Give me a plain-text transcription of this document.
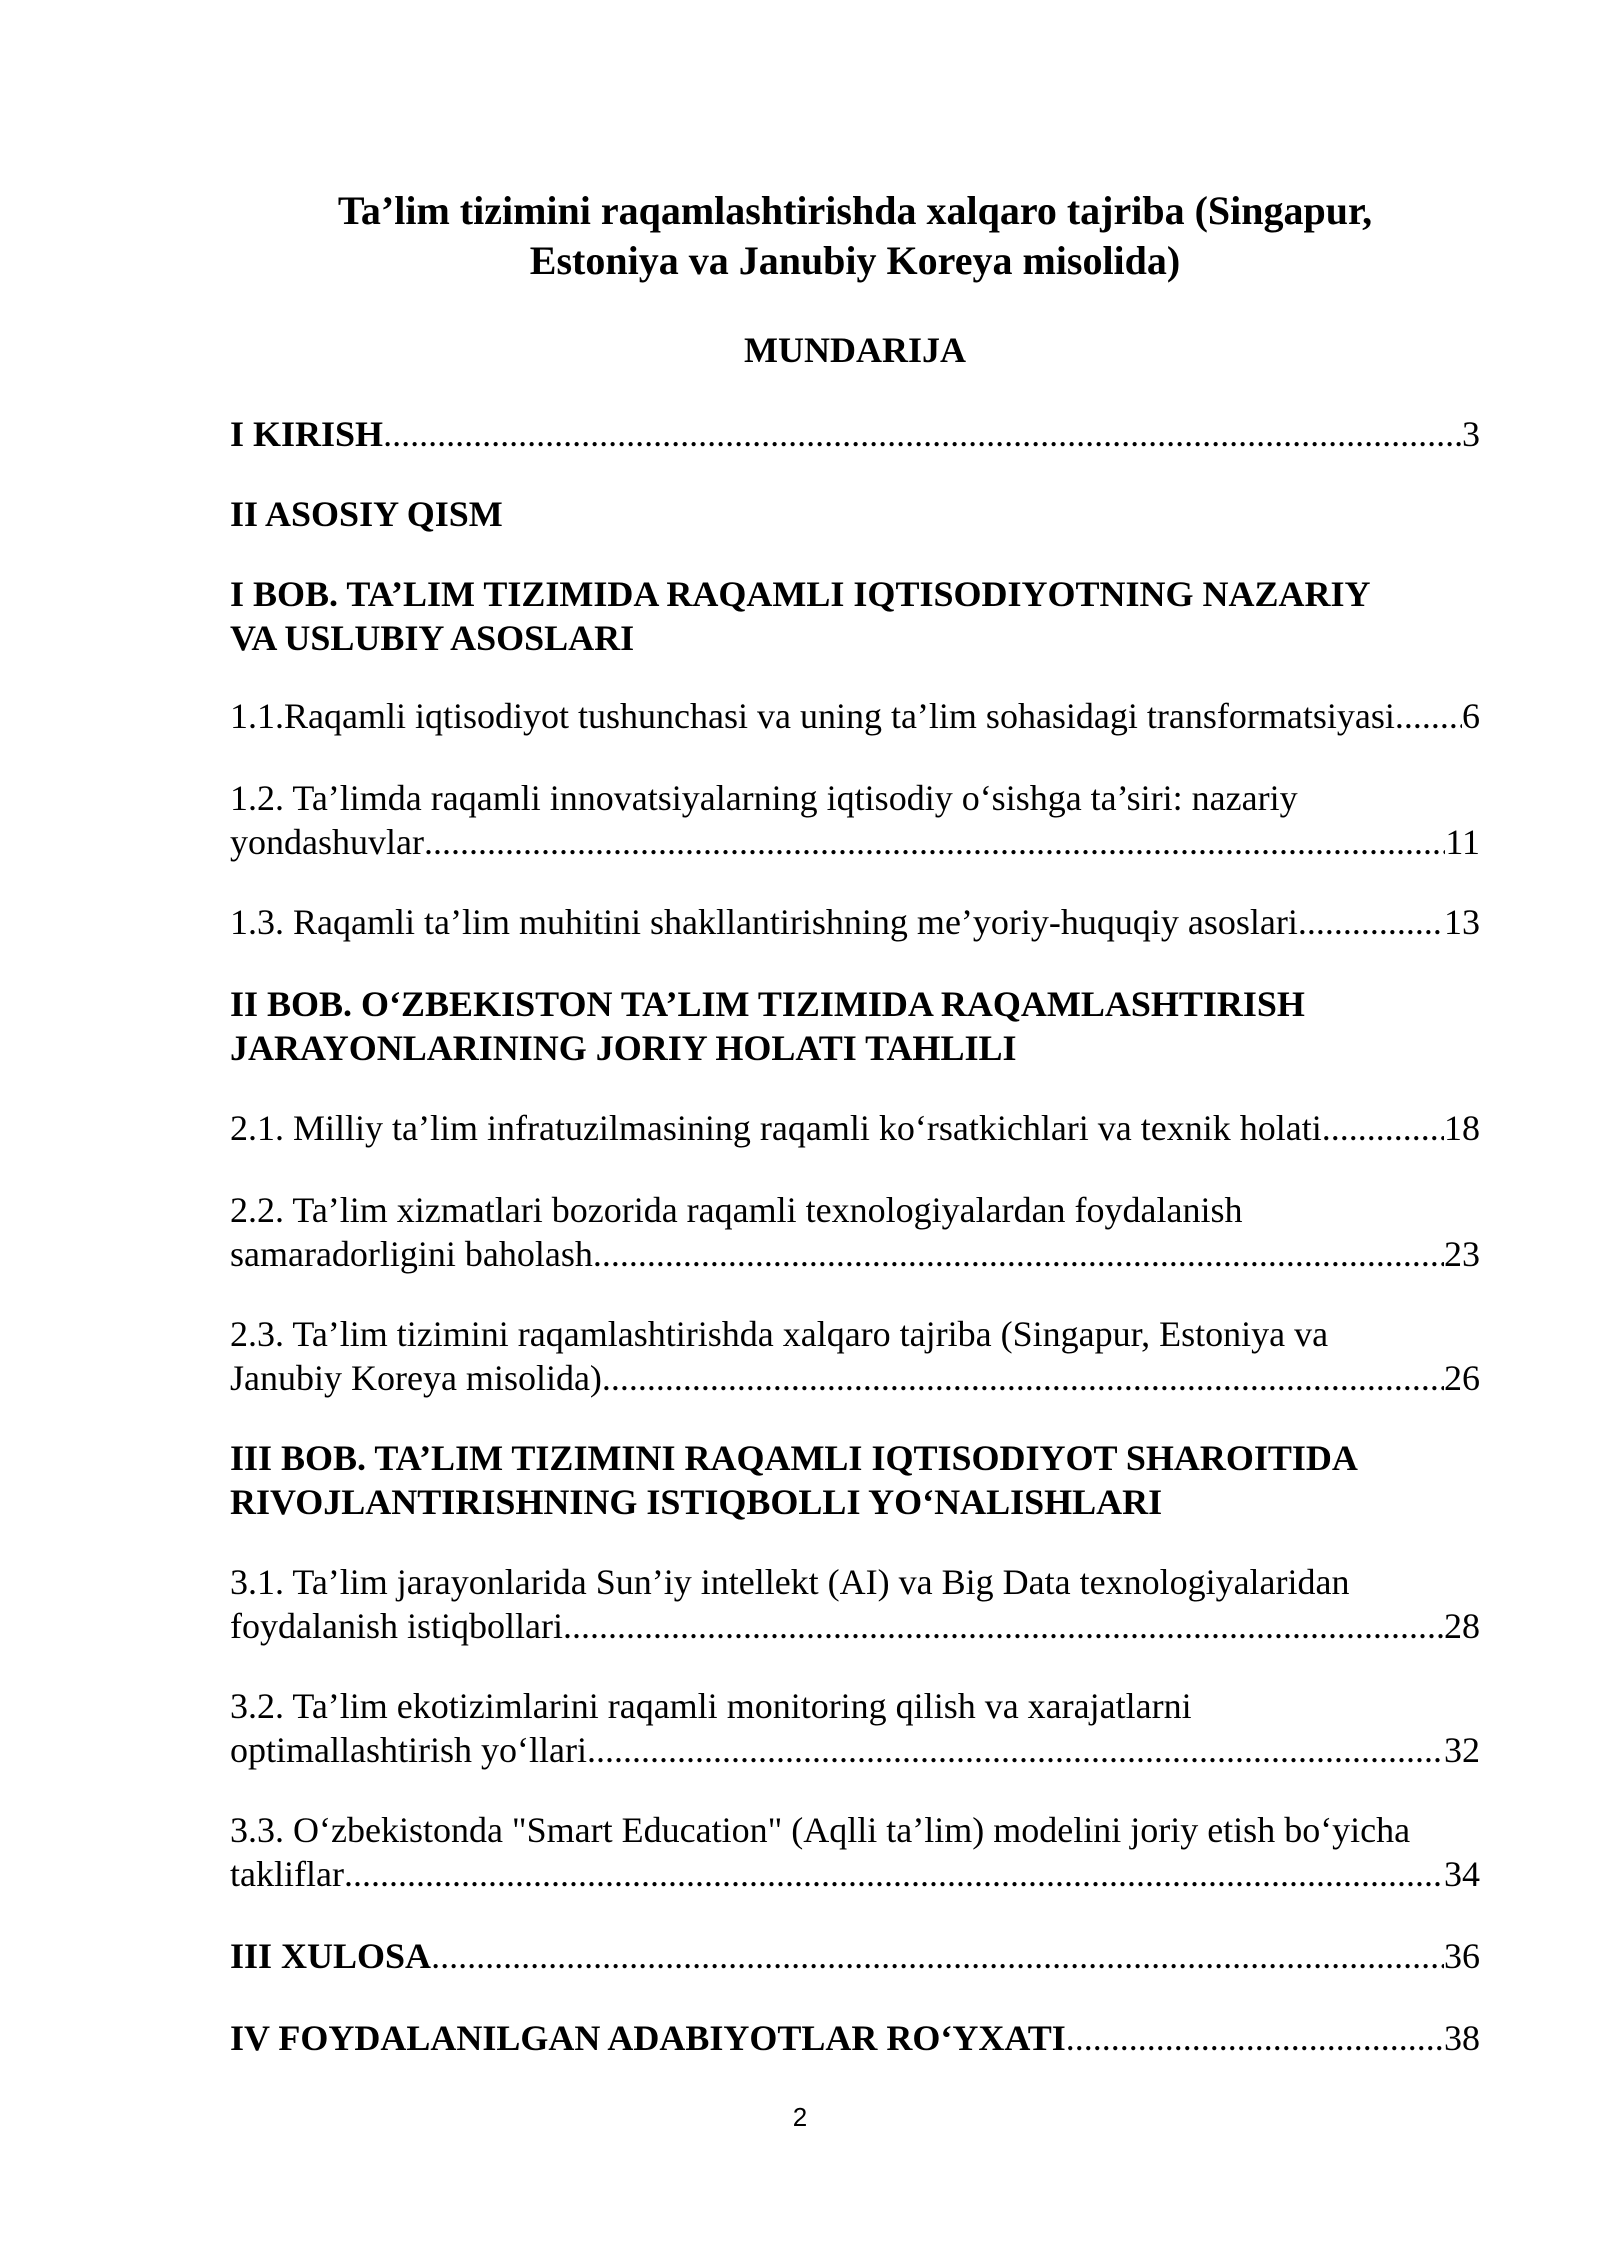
Ta’lim tizimini raqamlashtirishda xalqaro tajriba (Singapur,
Estoniya va Janubiy Koreya misolida)
MUNDARIJA
I KIRISH .....	3
II ASOSIY QISM
I BOB. TA’LIM TIZIMIDA RAQAMLI IQTISODIYOTNING NAZARIY
VA USLUBIY ASOSLARI
1.1.Raqamli iqtisodiyot tushunchasi va uning ta’lim sohasidagi transformatsiyasi ..... 6
1.2. Ta’limda raqamli innovatsiyalarning iqtisodiy o‘sishga ta’siri: nazariy
yondashuvlar .....	11
1.3. Raqamli ta’lim muhitini shakllantirishning me’yoriy-huquqiy asoslari .....	13
II BOB. O‘ZBEKISTON TA’LIM TIZIMIDA RAQAMLASHTIRISH
JARAYONLARINING JORIY HOLATI TAHLILI
2.1. Milliy ta’lim infratuzilmasining raqamli ko‘rsatkichlari va texnik holati .....	18
2.2. Ta’lim xizmatlari bozorida raqamli texnologiyalardan foydalanish
samaradorligini baholash .....	23
2.3. Ta’lim tizimini raqamlashtirishda xalqaro tajriba (Singapur, Estoniya va
Janubiy Koreya misolida) .....	26
III BOB. TA’LIM TIZIMINI RAQAMLI IQTISODIYOT SHAROITIDA
RIVOJLANTIRISHNING ISTIQBOLLI YO‘NALISHLARI
3.1. Ta’lim jarayonlarida Sun’iy intellekt (AI) va Big Data texnologiyalaridan
foydalanish istiqbollari .....	28
3.2. Ta’lim ekotizimlarini raqamli monitoring qilish va xarajatlarni
optimallashtirish yo‘llari .....	32
3.3. O‘zbekistonda "Smart Education" (Aqlli ta’lim) modelini joriy etish bo‘yicha
takliflar .....	34
III XULOSA .....	36
IV FOYDALANILGAN ADABIYOTLAR RO‘YXATI .....	38
2
